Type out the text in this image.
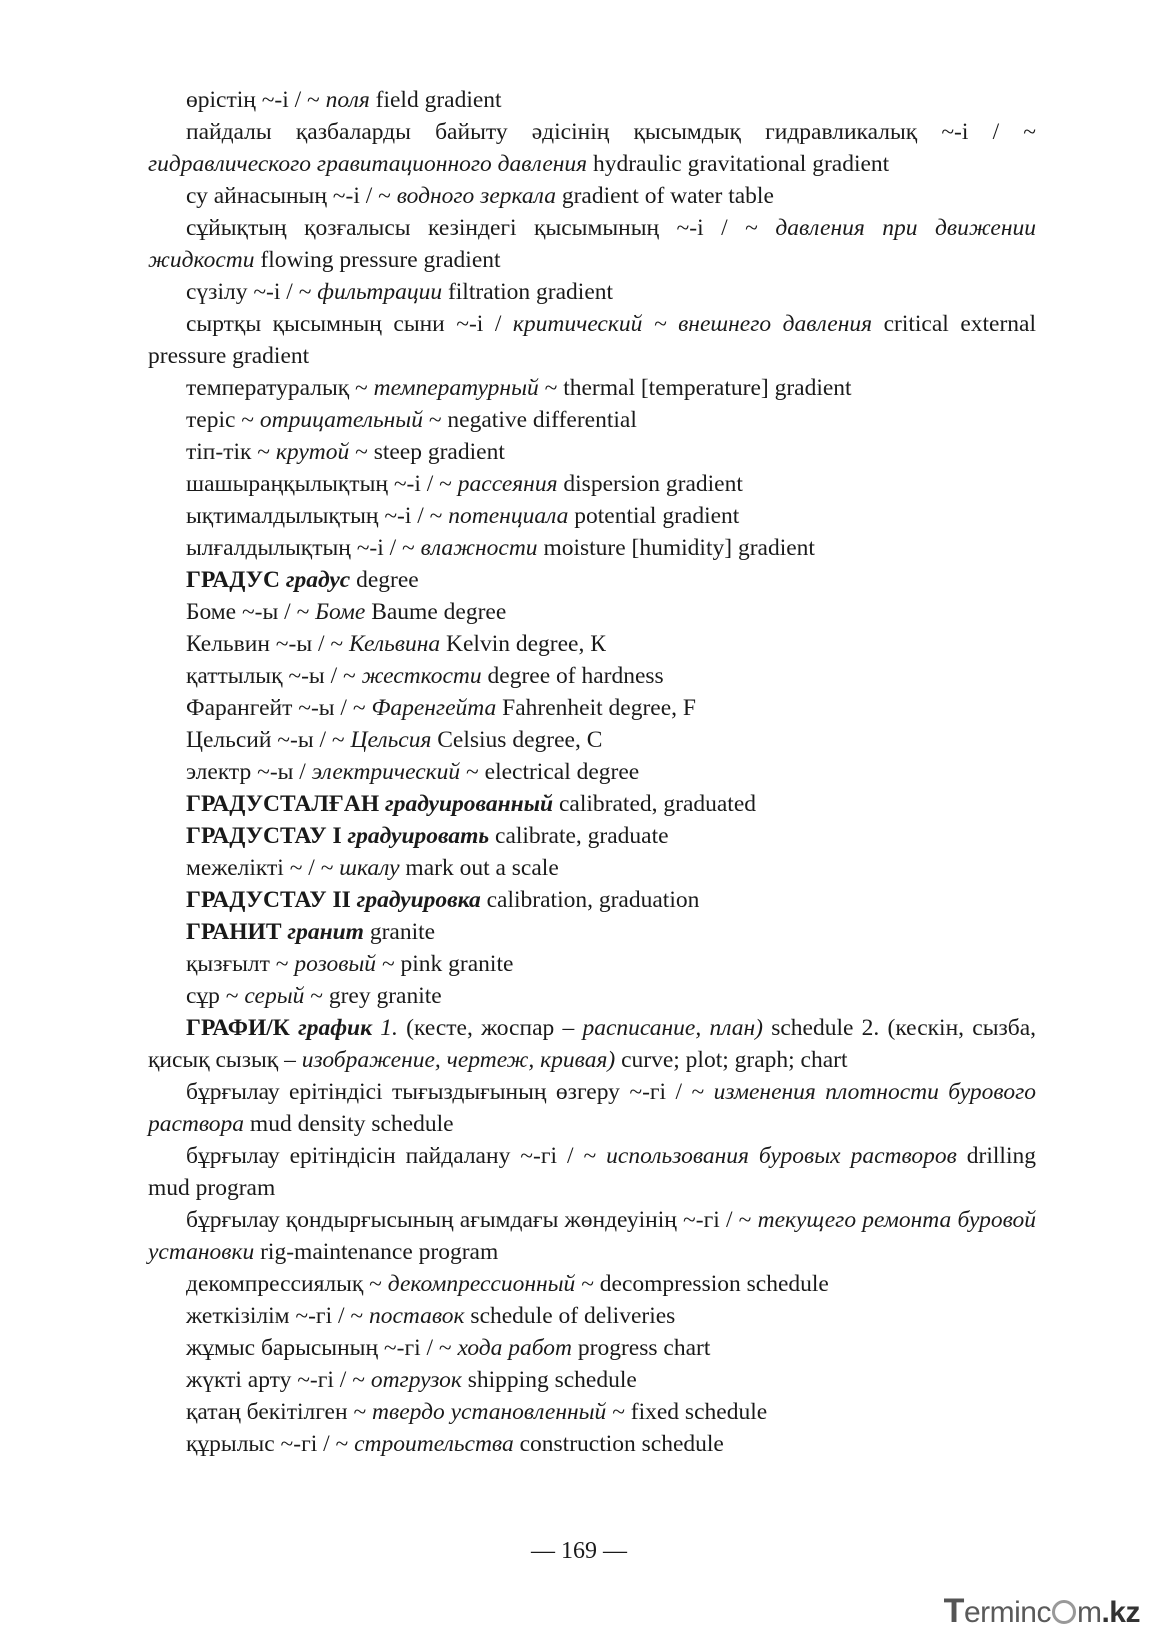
өрістің ~-і / ~ поля field gradient

пайдалы қазбаларды байыту әдісінің қысымдық гидравликалық ~-і / ~ гидравлического гравитационного давления hydraulic gravitational gradient

су айнасының ~-і / ~ водного зеркала gradient of water table

сұйықтың қозғалысы кезіндегі қысымының ~-і / ~ давления при движении жидкости flowing pressure gradient

сүзілу ~-і / ~ фильтрации filtration gradient

сыртқы қысымның сыни ~-і / критический ~ внешнего давления critical external pressure gradient

температуралық ~ температурный ~ thermal [temperature] gradient

теріс ~ отрицательный ~ negative differential

тіп-тік ~ крутой ~ steep gradient

шашыраңқылықтың ~-і / ~ рассеяния dispersion gradient

ықтималдылықтың ~-і / ~ потенциала potential gradient

ылғалдылықтың ~-і / ~ влажности moisture [humidity] gradient

ГРАДУС градус degree

Боме ~-ы / ~ Боме Baume degree

Кельвин ~-ы / ~ Кельвина Kelvin degree, К

қаттылық ~-ы / ~ жесткости degree of hardness

Фарангейт ~-ы / ~ Фаренгейта Fahrenheit degree, F

Цельсий ~-ы / ~ Цельсия Celsius degree, C

электр ~-ы / электрический ~ electrical degree

ГРАДУСТАЛҒАН градуированный calibrated, graduated

ГРАДУСТАУ I градуировать calibrate, graduate

межелікті ~ / ~ шкалу mark out a scale

ГРАДУСТАУ II градуировка calibration, graduation

ГРАНИТ гранит granite

қызғылт ~ розовый ~ pink granite

сұр ~ серый ~ grey granite

ГРАФИ/К график 1. (кесте, жоспар – расписание, план) schedule 2. (кескін, сызба, қисық сызық – изображение, чертеж, кривая) curve; plot; graph; chart

бұрғылау ерітіндісі тығыздығының өзгеру ~-гі / ~ изменения плотности бурового раствора mud density schedule

бұрғылау ерітіндісін пайдалану ~-гі / ~ использования буровых растворов drilling mud program

бұрғылау қондырғысының ағымдағы жөндеуінің ~-гі / ~ текущего ремонта буровой установки rig-maintenance program

декомпрессиялық ~ декомпрессионный ~ decompression schedule

жеткізілім ~-гі / ~ поставок schedule of deliveries

жұмыс барысының ~-гі / ~ хода работ progress chart

жүкті арту ~-гі / ~ отгрузок shipping schedule

қатаң бекітілген ~ твердо установленный ~ fixed schedule

құрылыс ~-гі / ~ строительства construction schedule

— 169 —
Terminc m.kz
